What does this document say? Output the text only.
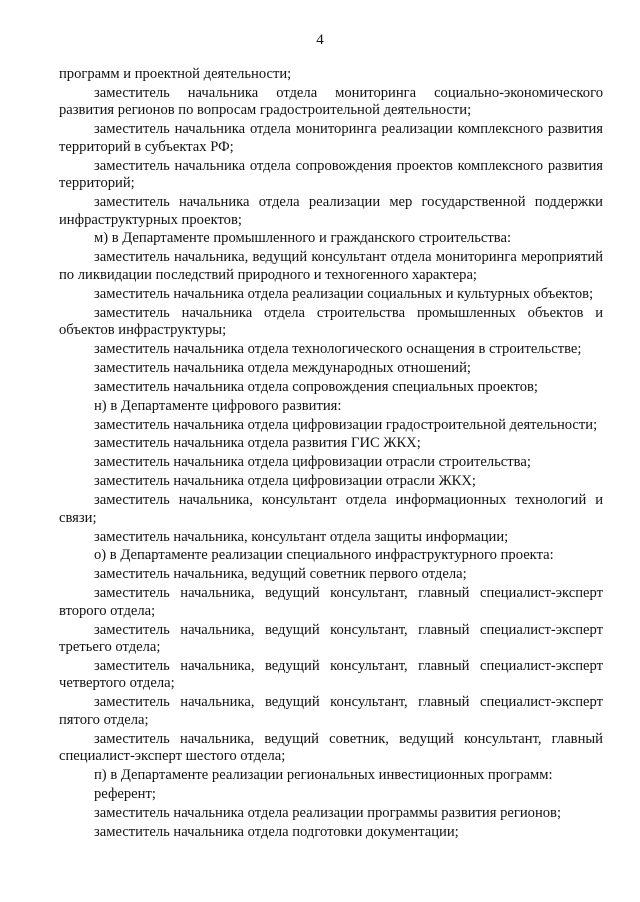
4

программ и проектной деятельности;

заместитель начальника отдела мониторинга социально-экономического развития регионов по вопросам градостроительной деятельности;

заместитель начальника отдела мониторинга реализации комплексного развития территорий в субъектах РФ;

заместитель начальника отдела сопровождения проектов комплексного развития территорий;

заместитель начальника отдела реализации мер государственной поддержки инфраструктурных проектов;

м) в Департаменте промышленного и гражданского строительства:

заместитель начальника, ведущий консультант отдела мониторинга мероприятий по ликвидации последствий природного и техногенного характера;

заместитель начальника отдела реализации социальных и культурных объектов;

заместитель начальника отдела строительства промышленных объектов и объектов инфраструктуры;

заместитель начальника отдела технологического оснащения в строительстве;

заместитель начальника отдела международных отношений;

заместитель начальника отдела сопровождения специальных проектов;

н) в Департаменте цифрового развития:

заместитель начальника отдела цифровизации градостроительной деятельности;

заместитель начальника отдела развития ГИС ЖКХ;

заместитель начальника отдела цифровизации отрасли строительства;

заместитель начальника отдела цифровизации отрасли ЖКХ;

заместитель начальника, консультант отдела информационных технологий и связи;

заместитель начальника, консультант отдела защиты информации;

о) в Департаменте реализации специального инфраструктурного проекта:

заместитель начальника, ведущий советник первого отдела;

заместитель начальника, ведущий консультант, главный специалист-эксперт второго отдела;

заместитель начальника, ведущий консультант, главный специалист-эксперт третьего отдела;

заместитель начальника, ведущий консультант, главный специалист-эксперт четвертого отдела;

заместитель начальника, ведущий консультант, главный специалист-эксперт пятого отдела;

заместитель начальника, ведущий советник, ведущий консультант, главный специалист-эксперт шестого отдела;

п) в Департаменте реализации региональных инвестиционных программ:

референт;

заместитель начальника отдела реализации программы развития регионов;

заместитель начальника отдела подготовки документации;
